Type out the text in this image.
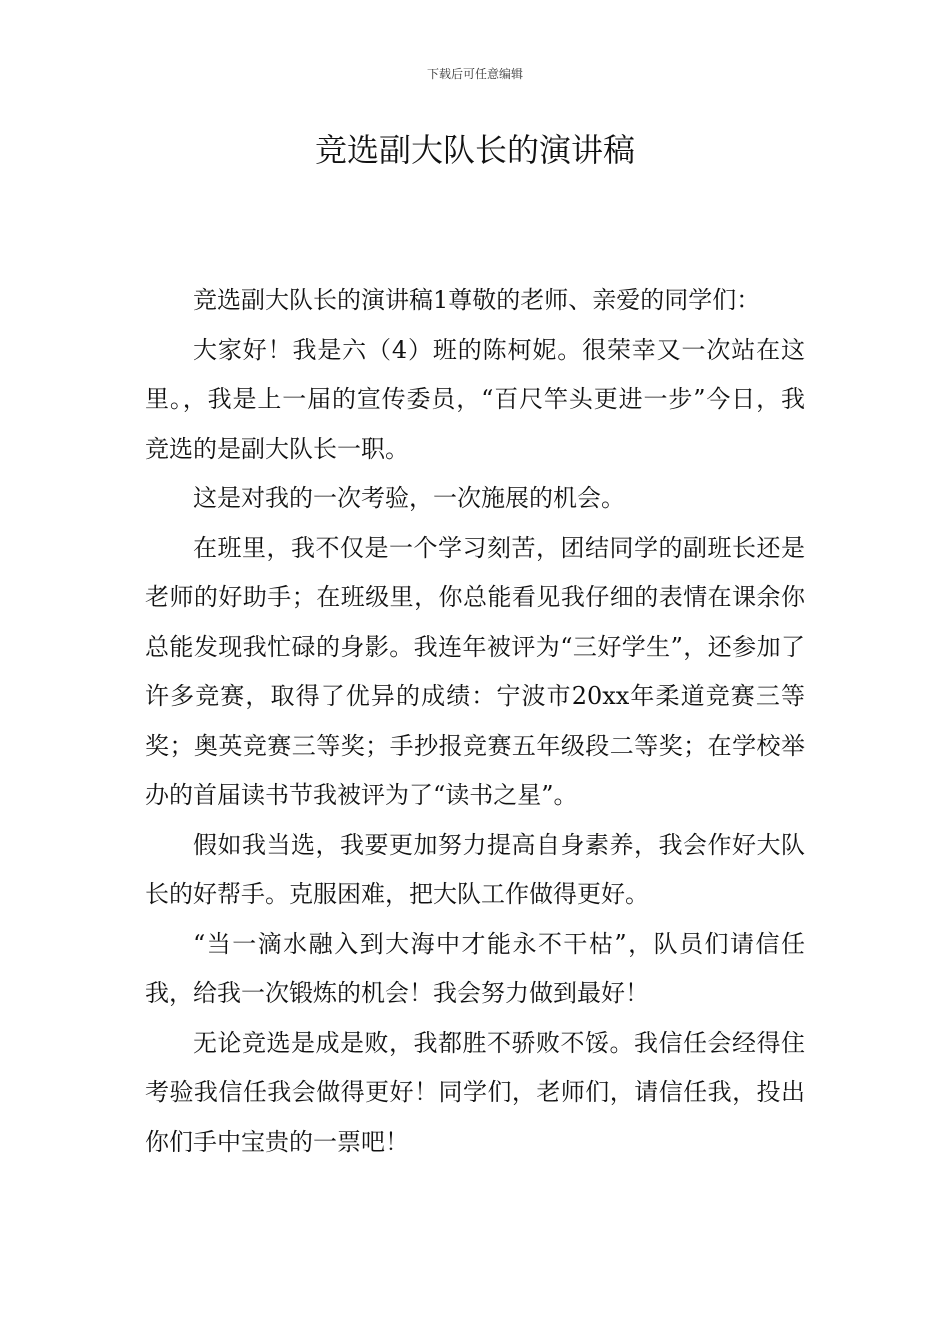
下载后可任意编辑
竞选副大队长的演讲稿

竞选副大队长的演讲稿1尊敬的老师、亲爱的同学们：

大家好！我是六（4）班的陈柯妮。很荣幸又一次站在这里。，我是上一届的宣传委员，“百尺竿头更进一步”今日，我竞选的是副大队长一职。

这是对我的一次考验，一次施展的机会。

在班里，我不仅是一个学习刻苦，团结同学的副班长还是老师的好助手；在班级里，你总能看见我仔细的表情在课余你总能发现我忙碌的身影。我连年被评为“三好学生”，还参加了许多竞赛，取得了优异的成绩：宁波市20xx年柔道竞赛三等奖；奥英竞赛三等奖；手抄报竞赛五年级段二等奖；在学校举办的首届读书节我被评为了“读书之星”。

假如我当选，我要更加努力提高自身素养，我会作好大队长的好帮手。克服困难，把大队工作做得更好。

“当一滴水融入到大海中才能永不干枯”，队员们请信任我，给我一次锻炼的机会！我会努力做到最好！

无论竞选是成是败，我都胜不骄败不馁。我信任会经得住考验我信任我会做得更好！同学们，老师们，请信任我，投出你们手中宝贵的一票吧！
